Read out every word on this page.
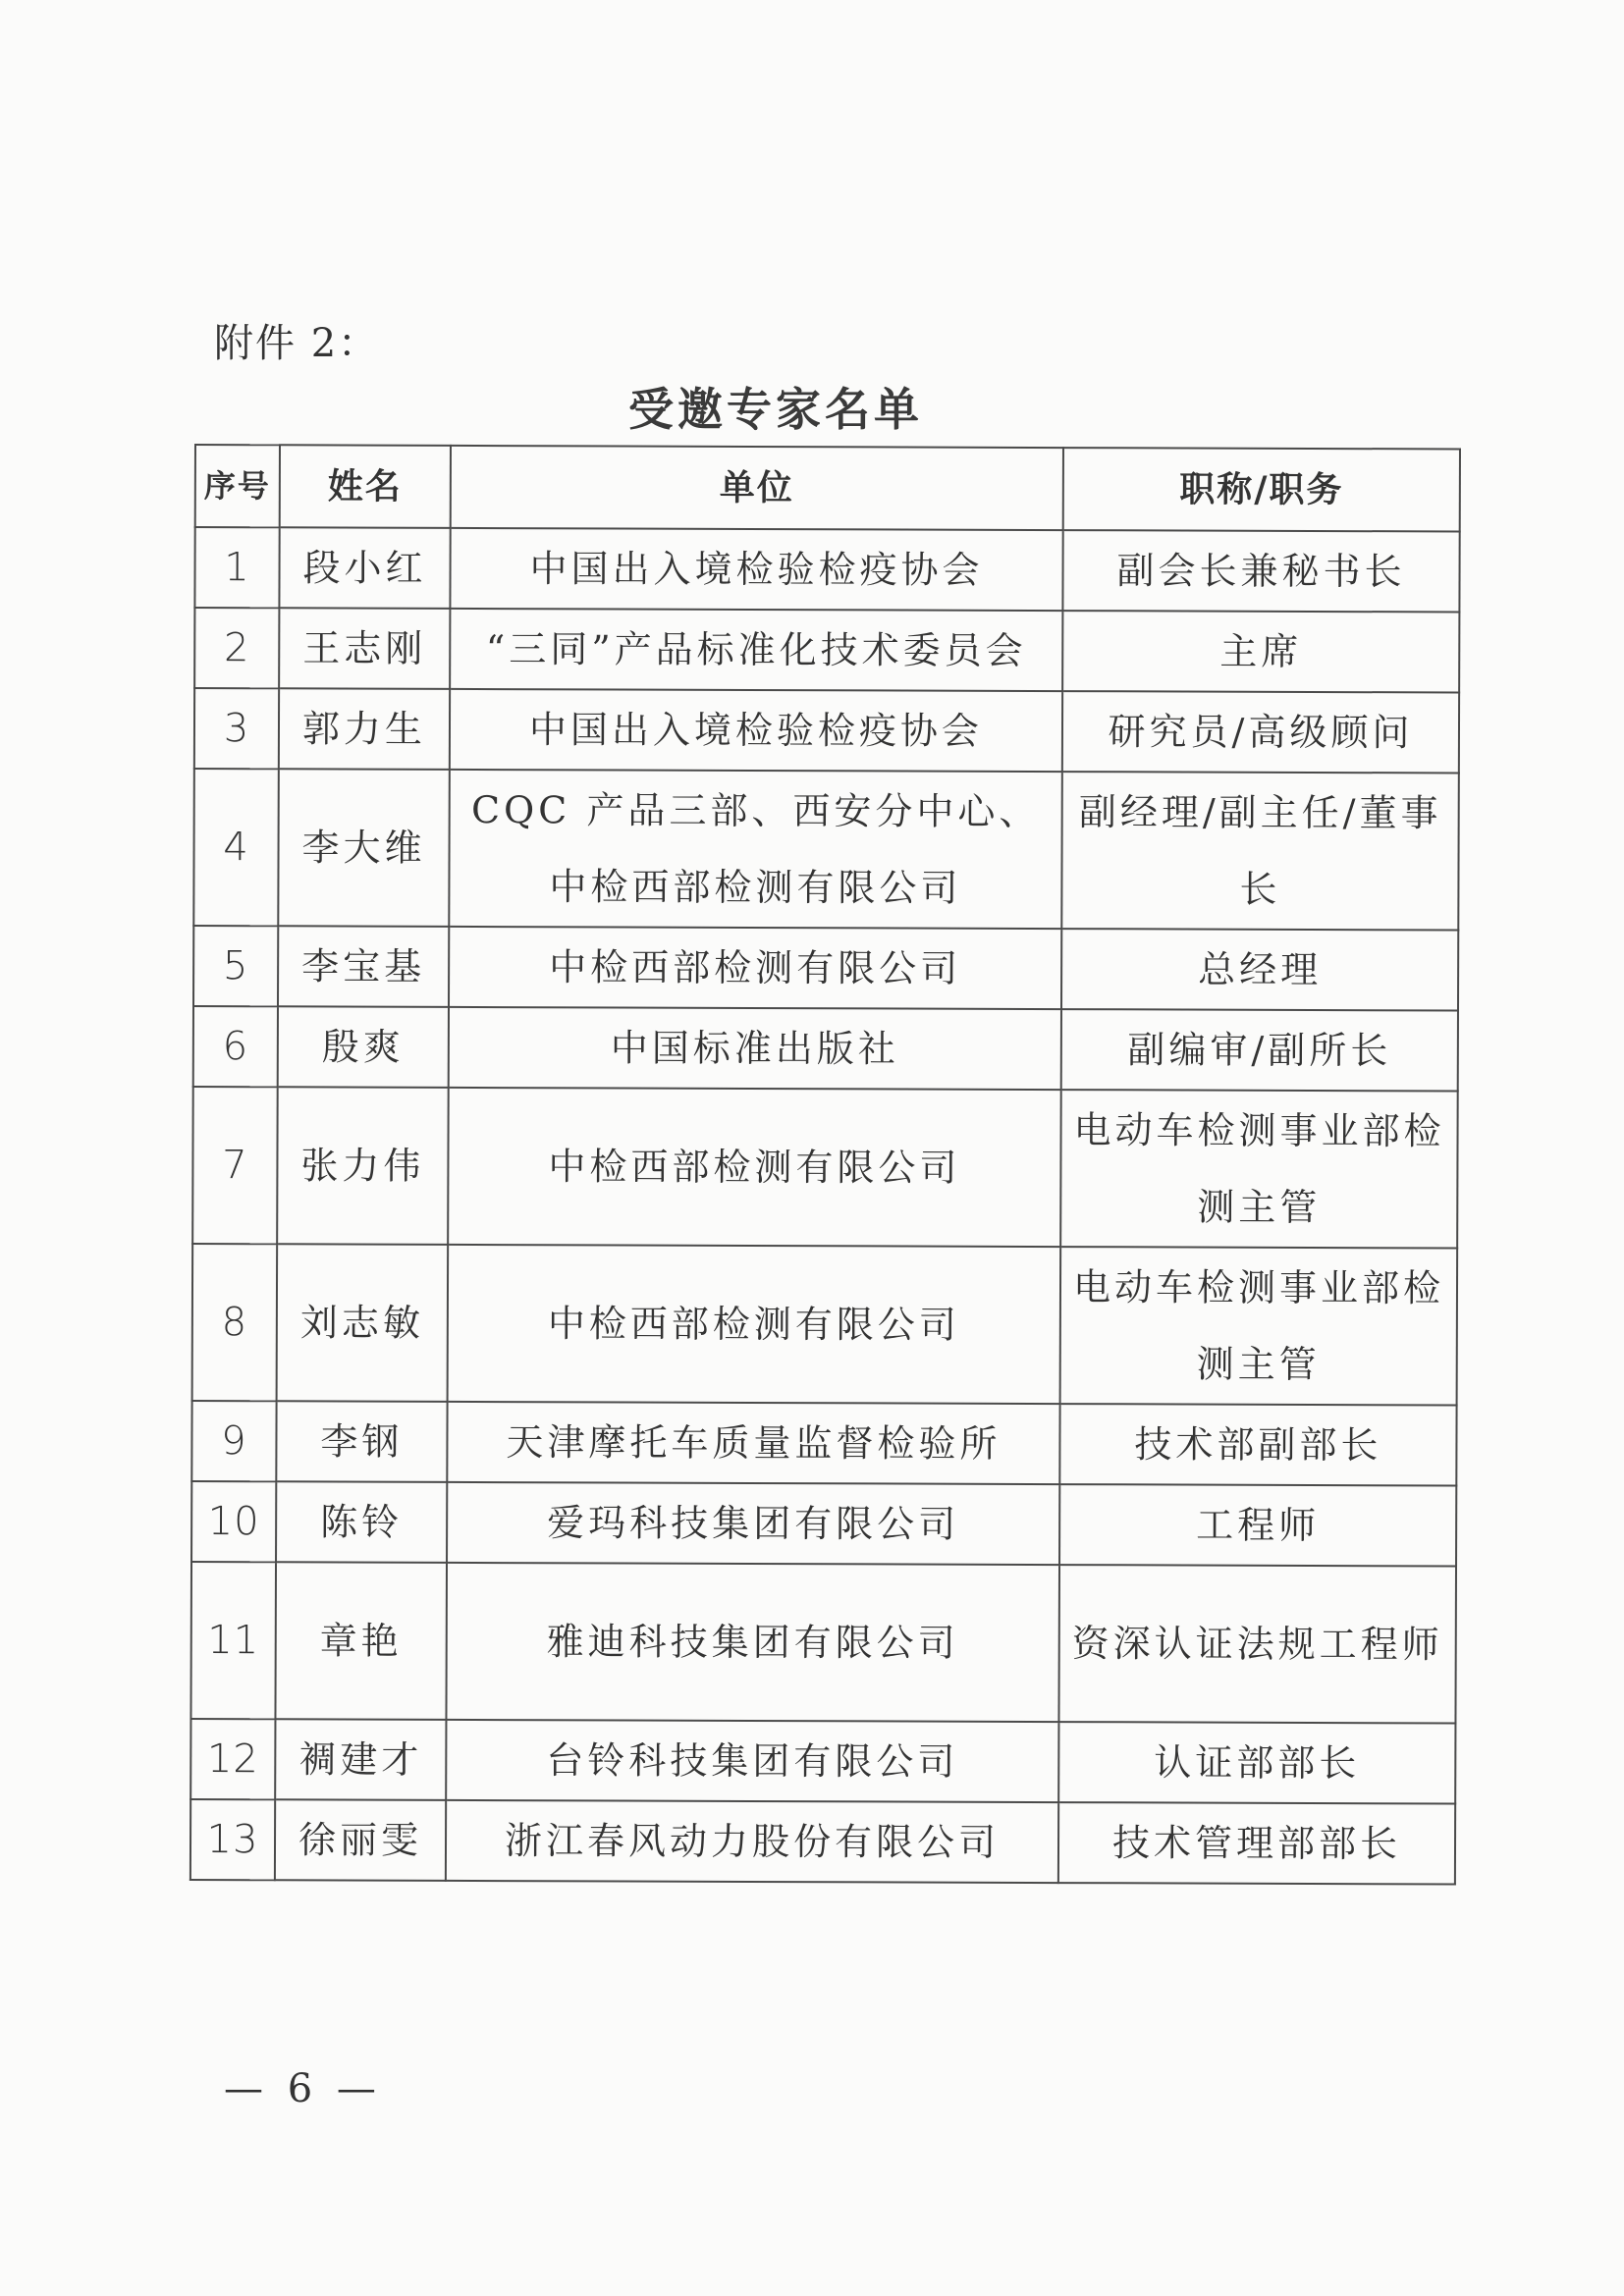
附件 2：
受邀专家名单
序号	姓名	单位	职称/职务
1	段小红	中国出入境检验检疫协会	副会长兼秘书长
2	王志刚	“三同”产品标准化技术委员会	主席
3	郭力生	中国出入境检验检疫协会	研究员/高级顾问
4	李大维	CQC 产品三部、西安分中心、中检西部检测有限公司	副经理/副主任/董事长
5	李宝基	中检西部检测有限公司	总经理
6	殷爽	中国标准出版社	副编审/副所长
7	张力伟	中检西部检测有限公司	电动车检测事业部检测主管
8	刘志敏	中检西部检测有限公司	电动车检测事业部检测主管
9	李钢	天津摩托车质量监督检验所	技术部副部长
10	陈铃	爱玛科技集团有限公司	工程师
11	章艳	雅迪科技集团有限公司	资深认证法规工程师
12	裯建才	台铃科技集团有限公司	认证部部长
13	徐丽雯	浙江春风动力股份有限公司	技术管理部部长
— 6 —
